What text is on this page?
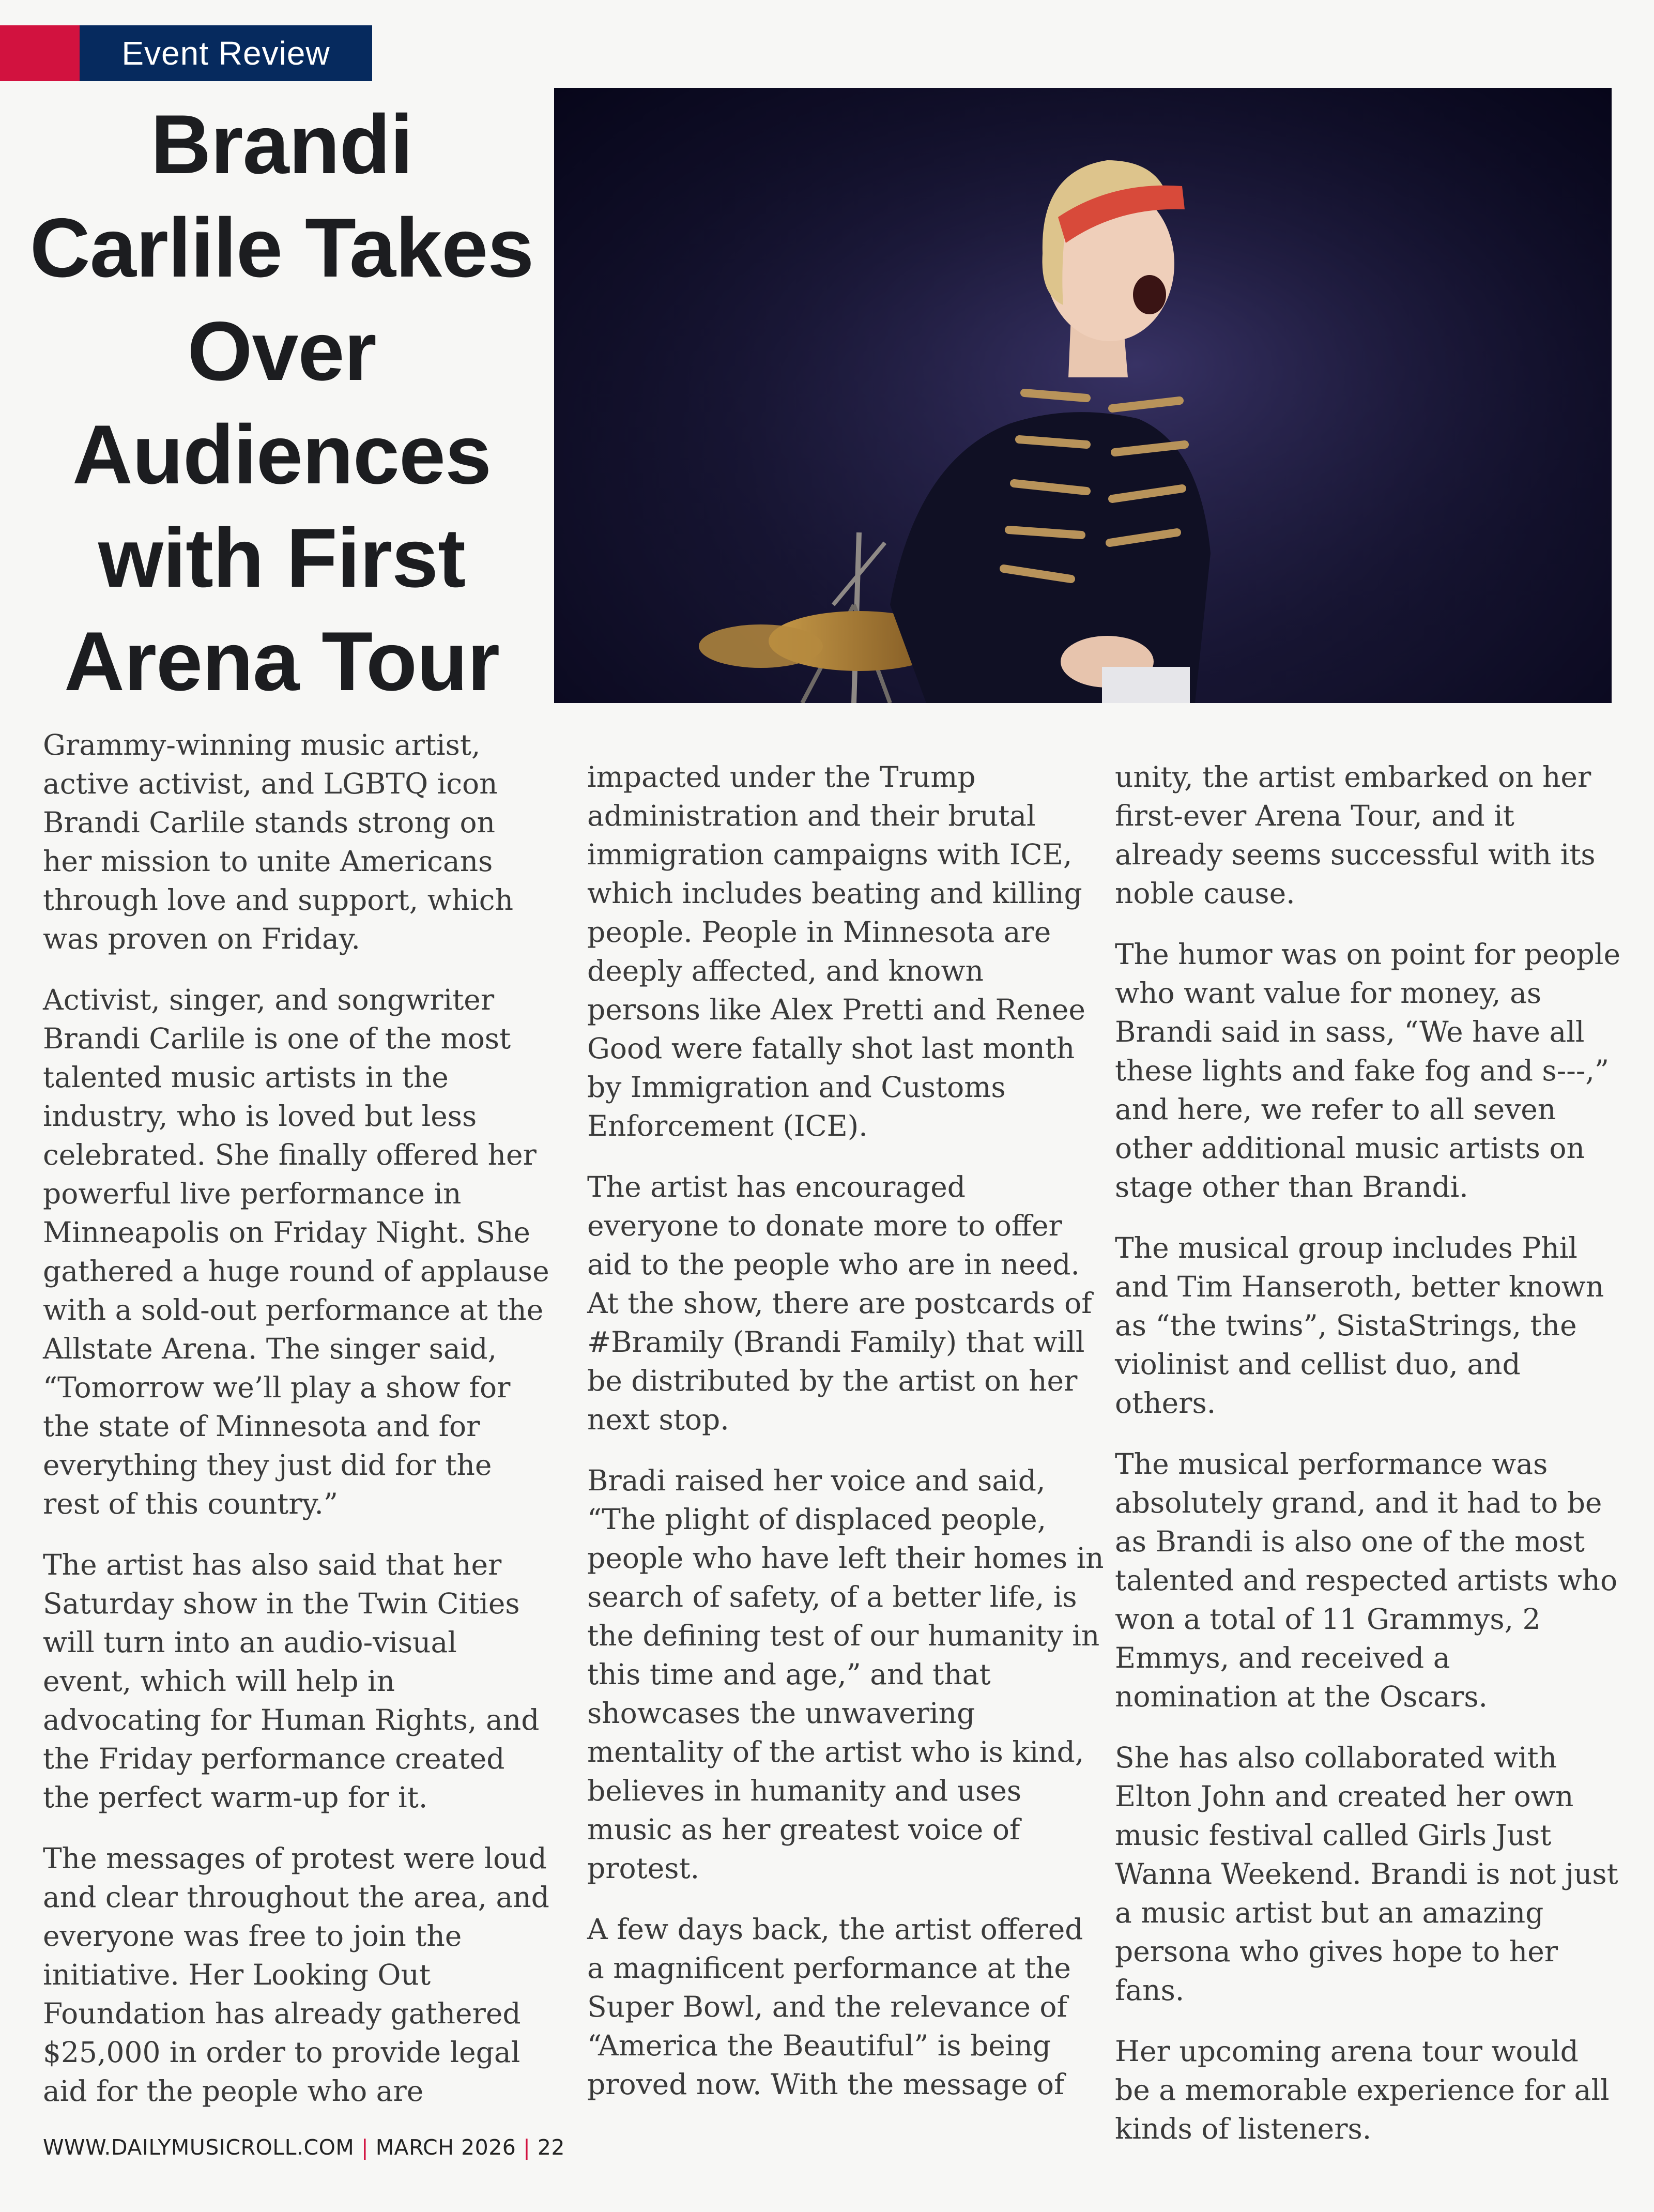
Event Review
Brandi Carlile Takes Over Audiences with First Arena Tour

Grammy-winning music artist, active activist, and LGBTQ icon Brandi Carlile stands strong on her mission to unite Americans through love and support, which was proven on Friday.

Activist, singer, and songwriter Brandi Carlile is one of the most talented music artists in the industry, who is loved but less celebrated. She finally offered her powerful live performance in Minneapolis on Friday Night. She gathered a huge round of applause with a sold-out performance at the Allstate Arena. The singer said, “Tomorrow we’ll play a show for the state of Minnesota and for everything they just did for the rest of this country.”

The artist has also said that her Saturday show in the Twin Cities will turn into an audio-visual event, which will help in advocating for Human Rights, and the Friday performance created the perfect warm-up for it.

The messages of protest were loud and clear throughout the area, and everyone was free to join the initiative. Her Looking Out Foundation has already gathered $25,000 in order to provide legal aid for the people who are

impacted under the Trump administration and their brutal immigration campaigns with ICE, which includes beating and killing people. People in Minnesota are deeply affected, and known persons like Alex Pretti and Renee Good were fatally shot last month by Immigration and Customs Enforcement (ICE).

The artist has encouraged everyone to donate more to offer aid to the people who are in need. At the show, there are postcards of #Bramily (Brandi Family) that will be distributed by the artist on her next stop.

Bradi raised her voice and said, “The plight of displaced people, people who have left their homes in search of safety, of a better life, is the defining test of our humanity in this time and age,” and that showcases the unwavering mentality of the artist who is kind, believes in humanity and uses music as her greatest voice of protest.

A few days back, the artist offered a magnificent performance at the Super Bowl, and the relevance of “America the Beautiful” is being proved now. With the message of

unity, the artist embarked on her first-ever Arena Tour, and it already seems successful with its noble cause.

The humor was on point for people who want value for money, as Brandi said in sass, “We have all these lights and fake fog and s---,” and here, we refer to all seven other additional music artists on stage other than Brandi.

The musical group includes Phil and Tim Hanseroth, better known as “the twins”, SistaStrings, the violinist and cellist duo, and others.

The musical performance was absolutely grand, and it had to be as Brandi is also one of the most talented and respected artists who won a total of 11 Grammys, 2 Emmys, and received a nomination at the Oscars.

She has also collaborated with Elton John and created her own music festival called Girls Just Wanna Weekend. Brandi is not just a music artist but an amazing persona who gives hope to her fans.

Her upcoming arena tour would be a memorable experience for all kinds of listeners.

WWW.DAILYMUSICROLL.COM | MARCH 2026 | 22
